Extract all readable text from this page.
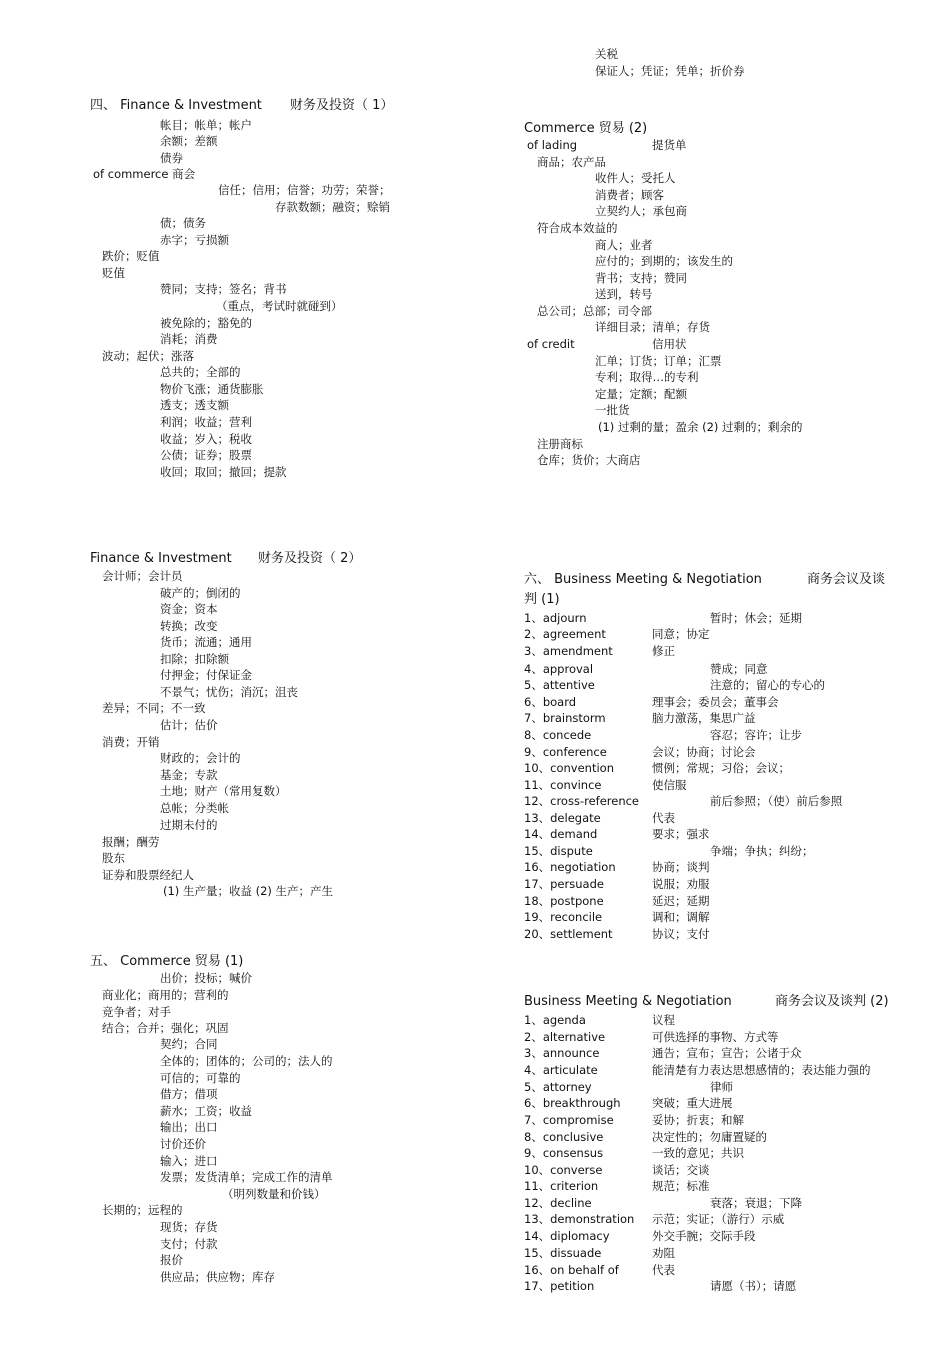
关税
保证人；凭证；凭单；折价券
四、 Finance & Investment 财务及投资（ 1）
帐目；帐单；帐户
余额；差额
债券
of commerce 商会
信任；信用；信誉；功劳；荣誉；
存款数额；融资；赊销
债；债务
赤字；亏损额
跌价；贬值
贬值
赞同；支持；签名；背书
（重点，考试时就碰到）
被免除的；豁免的
消耗；消费
波动；起伏；涨落
总共的；全部的
物价飞涨；通货膨胀
透支；透支额
利润；收益；营利
收益；岁入；税收
公债；证券；股票
收回；取回；撤回；提款
Finance & Investment 财务及投资（ 2）
会计师；会计员
破产的；倒闭的
资金；资本
转换；改变
货币；流通；通用
扣除；扣除额
付押金；付保证金
不景气；忧伤；消沉；沮丧
差异；不同；不一致
估计；估价
消费；开销
财政的；会计的
基金；专款
土地；财产（常用复数）
总帐；分类帐
过期未付的
报酬；酬劳
股东
证券和股票经纪人
(1) 生产量；收益 (2) 生产；产生
五、 Commerce 贸易 (1)
出价；投标；喊价
商业化；商用的；营利的
竞争者；对手
结合；合并；强化；巩固
契约；合同
全体的；团体的；公司的；法人的
可信的；可靠的
借方；借项
薪水；工资；收益
输出；出口
讨价还价
输入；进口
发票；发货清单；完成工作的清单
（明列数量和价钱）
长期的；远程的
现货；存货
支付；付款
报价
供应品；供应物；库存
Commerce 贸易 (2)
of lading	提货单
商品；农产品
收件人；受托人
消费者；顾客
立契约人；承包商
符合成本效益的
商人；业者
应付的；到期的；该发生的
背书；支持；赞同
送到，转号
总公司；总部；司令部
详细目录；清单；存货
of credit	信用状
汇单；订货；订单；汇票
专利；取得…的专利
定量；定额；配额
一批货
(1) 过剩的量；盈余 (2) 过剩的；剩余的
注册商标
仓库；货价；大商店
六、 Business Meeting & Negotiation	商务会议及谈
判 (1)
1、adjourn	暂时；休会；延期
2、agreement	同意；协定
3、amendment	修正
4、approval	赞成；同意
5、attentive	注意的；留心的专心的
6、board	理事会；委员会；董事会
7、brainstorm	脑力激荡，集思广益
8、concede	容忍；容许；让步
9、conference	会议；协商；讨论会
10、convention	惯例；常规；习俗；会议；
11、convince	使信服
12、cross-reference	前后参照；（使）前后参照
13、delegate	代表
14、demand	要求；强求
15、dispute	争端；争执；纠纷；
16、negotiation	协商；谈判
17、persuade	说服；劝服
18、postpone	延迟；延期
19、reconcile	调和；调解
20、settlement	协议；支付
Business Meeting & Negotiation	商务会议及谈判 (2)
1、agenda	议程
2、alternative	可供选择的事物、方式等
3、announce	通告；宣布；宣告；公诸于众
4、articulate	能清楚有力表达思想感情的；表达能力强的
5、attorney	律师
6、breakthrough	突破；重大进展
7、compromise	妥协；折衷；和解
8、conclusive	决定性的；勿庸置疑的
9、consensus	一致的意见；共识
10、converse	谈话；交谈
11、criterion	规范；标准
12、decline	衰落；衰退；下降
13、demonstration 示范；实证；（游行）示威
14、diplomacy	外交手腕；交际手段
15、dissuade	劝阻
16、on behalf of	代表
17、petition	请愿（书）；请愿
